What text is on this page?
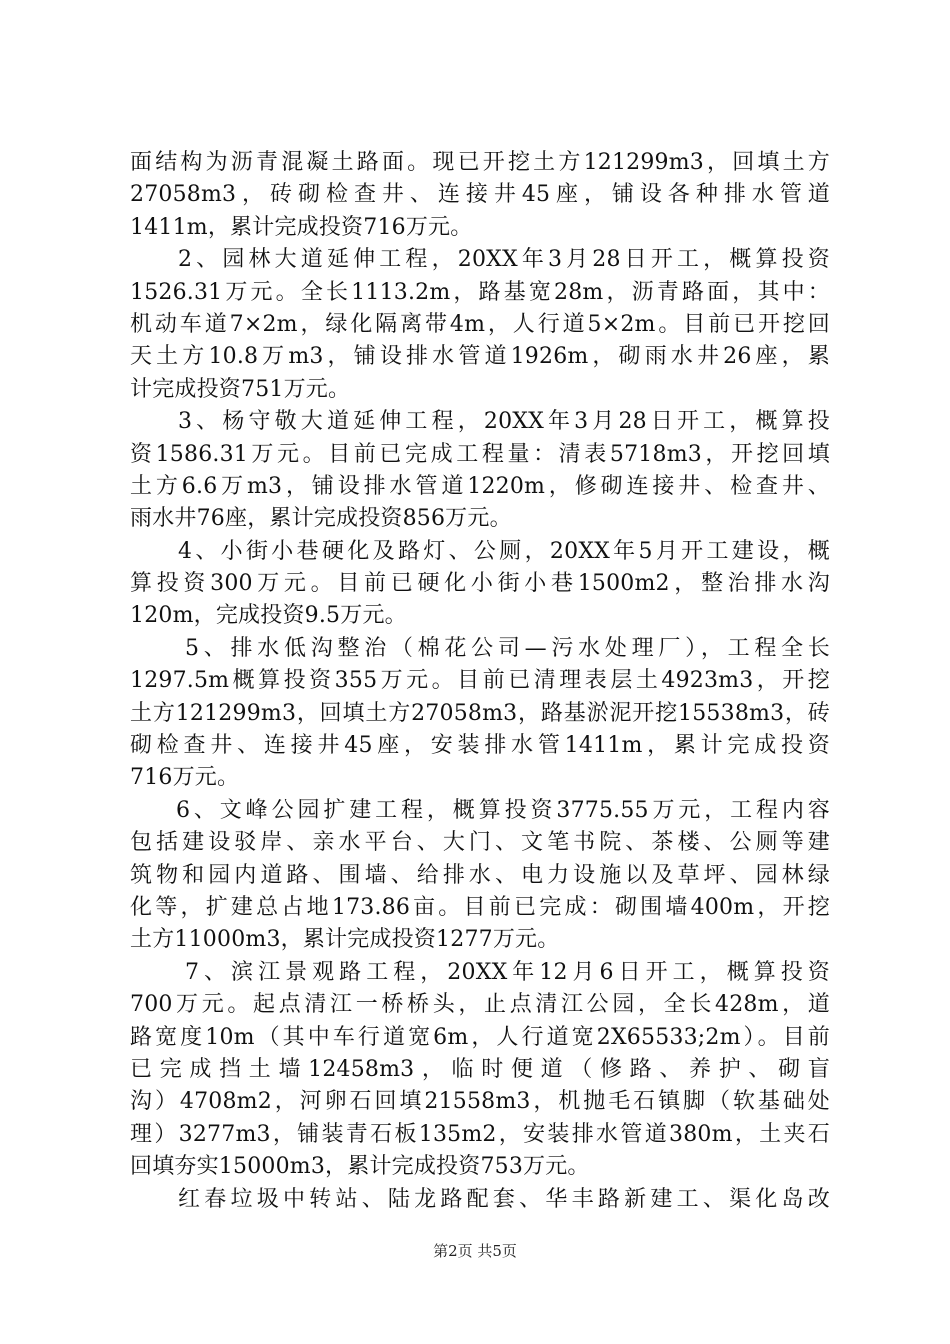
面结构为沥青混凝土路面。现已开挖土方121299m3，回填土方
27058m3，砖砌检查井、连接井45座，铺设各种排水管道
1411m，累计完成投资716万元。
2、园林大道延伸工程，20XX年3月28日开工，概算投资
1526.31万元。全长1113.2m，路基宽28m，沥青路面，其中：
机动车道7×2m，绿化隔离带4m，人行道5×2m。目前已开挖回
天土方10.8万m3，铺设排水管道1926m，砌雨水井26座，累
计完成投资751万元。
3、杨守敬大道延伸工程，20XX年3月28日开工，概算投
资1586.31万元。目前已完成工程量：清表5718m3，开挖回填
土方6.6万m3，铺设排水管道1220m，修砌连接井、检查井、
雨水井76座，累计完成投资856万元。
4、小街小巷硬化及路灯、公厕，20XX年5月开工建设，概
算投资300万元。目前已硬化小街小巷1500m2，整治排水沟
120m，完成投资9.5万元。
5、排水低沟整治（棉花公司—污水处理厂），工程全长
1297.5m概算投资355万元。目前已清理表层土4923m3，开挖
土方121299m3，回填土方27058m3，路基淤泥开挖15538m3，砖
砌检查井、连接井45座，安装排水管1411m，累计完成投资
716万元。
6、文峰公园扩建工程，概算投资3775.55万元，工程内容
包括建设驳岸、亲水平台、大门、文笔书院、茶楼、公厕等建
筑物和园内道路、围墙、给排水、电力设施以及草坪、园林绿
化等，扩建总占地173.86亩。目前已完成：砌围墙400m，开挖
土方11000m3，累计完成投资1277万元。
7、滨江景观路工程，20XX年12月6日开工，概算投资
700万元。起点清江一桥桥头，止点清江公园，全长428m，道
路宽度10m（其中车行道宽6m，人行道宽2X65533;2m）。目前
已完成挡土墙12458m3，临时便道（修路、养护、砌盲
沟）4708m2，河卵石回填21558m3，机抛毛石镇脚（软基础处
理）3277m3，铺装青石板135m2，安装排水管道380m，土夹石
回填夯实15000m3，累计完成投资753万元。
红春垃圾中转站、陆龙路配套、华丰路新建工、渠化岛改
第2页 共5页
